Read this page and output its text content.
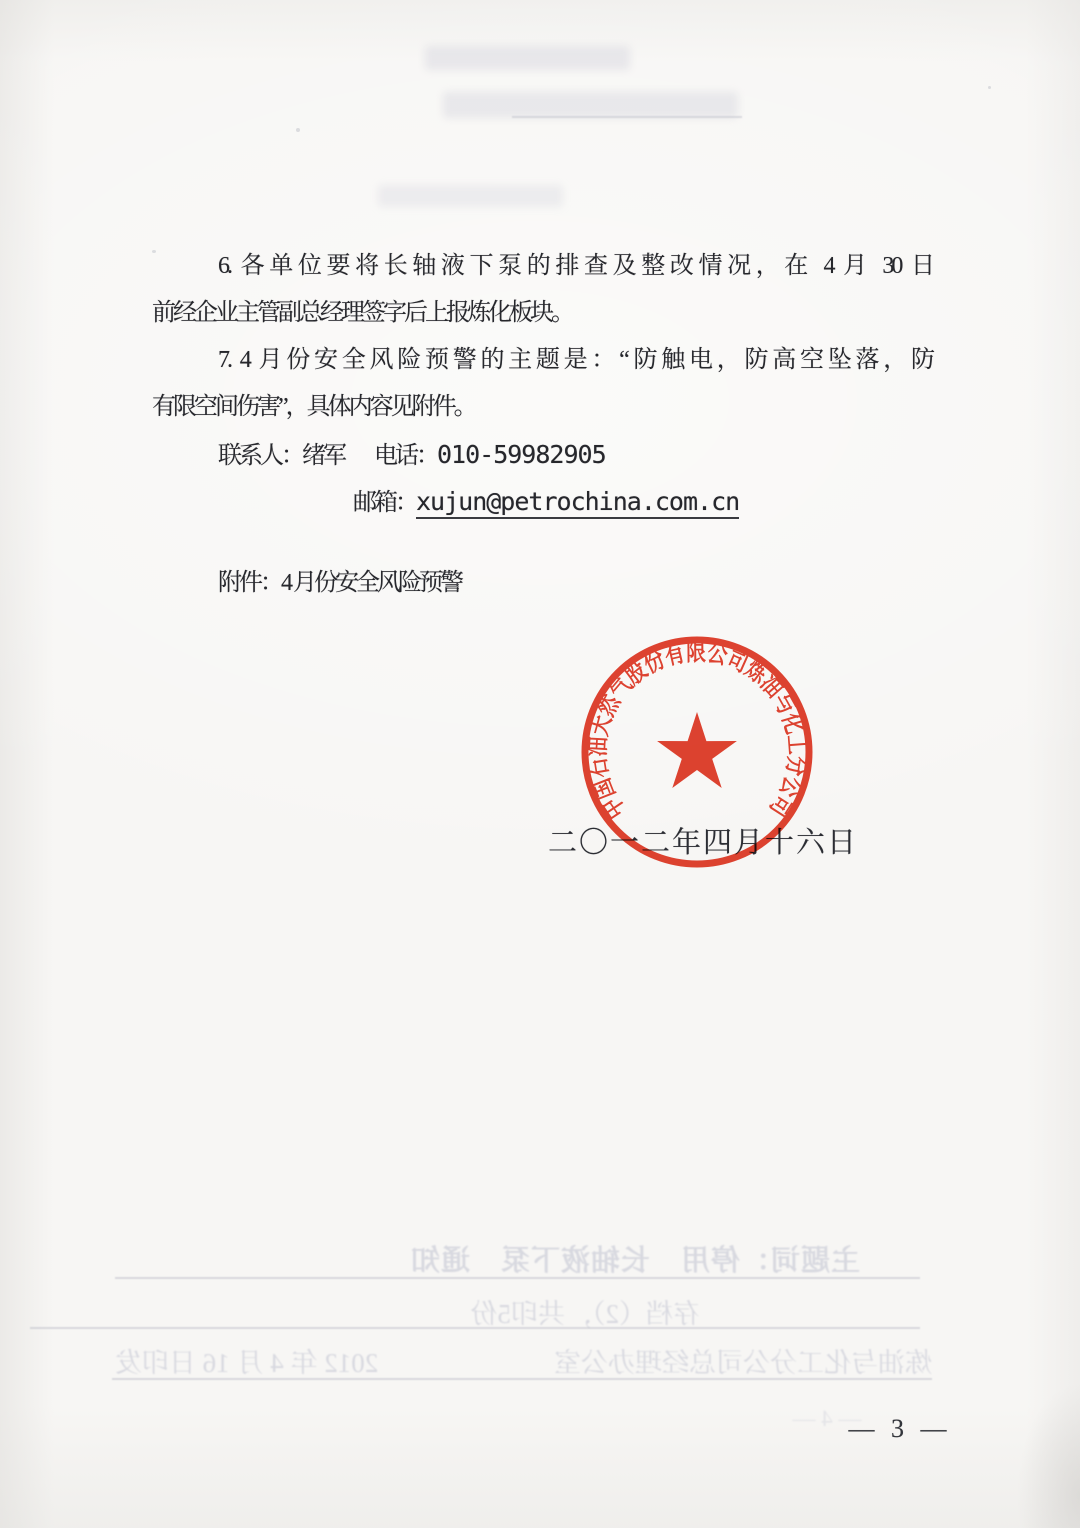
6. 各单位要将长轴液下泵的排查及整改情况，在 4 月 30 日
前经企业主管副总经理签字后上报炼化板块。
7. 4 月份安全风险预警的主题是：“防触电，防高空坠落，防
有限空间伤害”，具体内容见附件。
联系人：绪军 电话：010-59982905
邮箱：xujun@petrochina.com.cn
附件：4 月份安全风险预警
二〇一二年四月十六日
中国石油天然气股份有限公司炼油与化工分公司
主题词：停用　长轴液下泵　通知
存档（2），共印5份
炼油与化工分公司总经理办公室
2012 年 4 月 16 日印发
— 4 —
— 3 —
